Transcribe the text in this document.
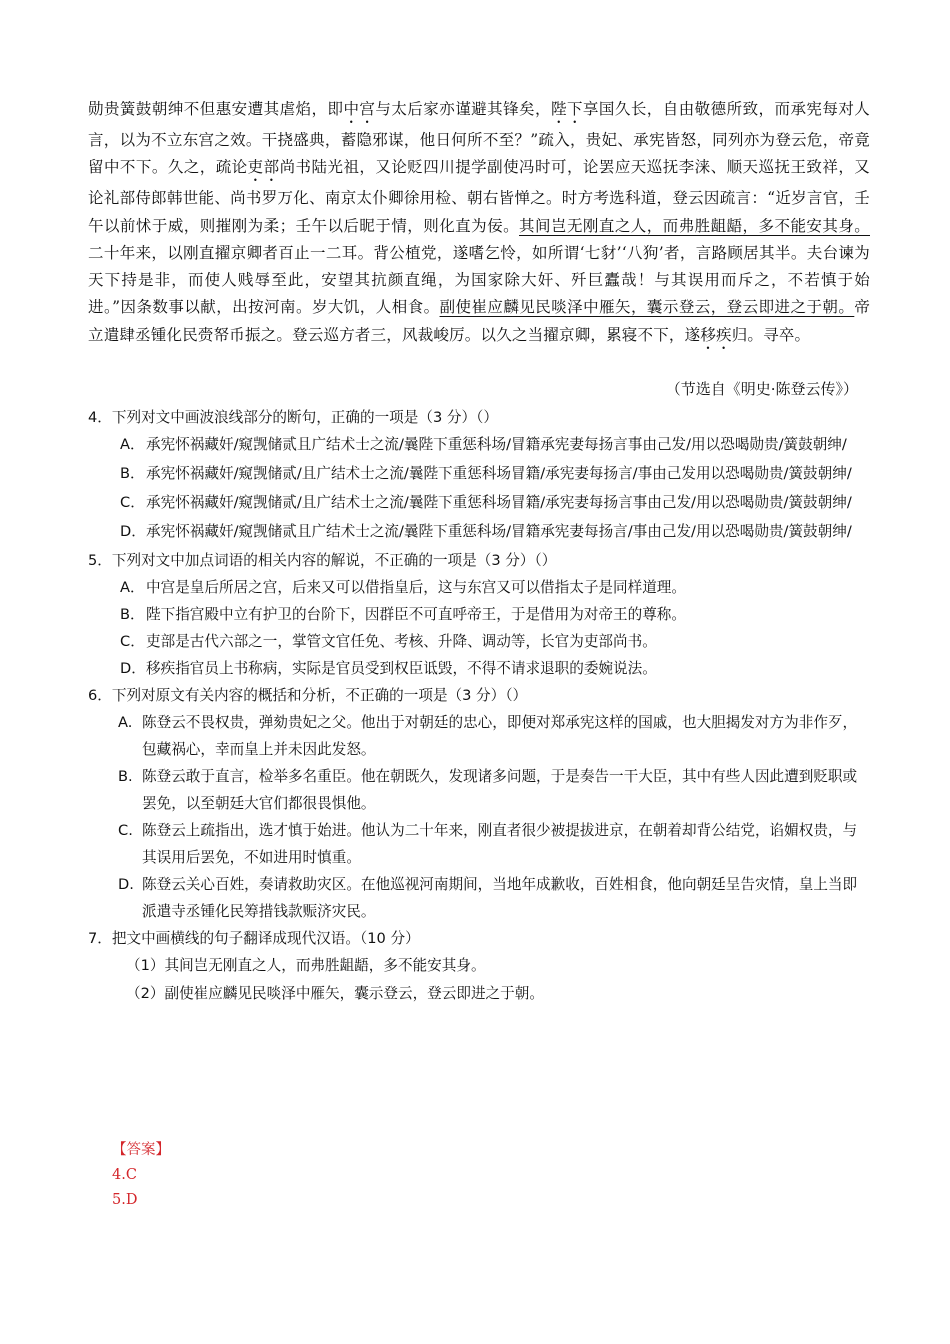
勋贵簧鼓朝绅不但惠安遭其虐焰，即中宫与太后家亦谨避其锋矣，陛下享国久长，自由敬德所致，而承宪每对人言，以为不立东宫之效。干挠盛典，蓄隐邪谋，他日何所不至？”疏入，贵妃、承宪皆怒，同列亦为登云危，帝竟留中不下。久之，疏论吏部尚书陆光祖，又论贬四川提学副使冯时可，论罢应天巡抚李涞、顺天巡抚王致祥，又论礼部侍郎韩世能、尚书罗万化、南京太仆卿徐用检、朝右皆惮之。时方考选科道，登云因疏言：“近岁言官，壬午以前怵于威，则摧刚为柔；壬午以后昵于情，则化直为佞。其间岂无刚直之人，而弗胜龃龉，多不能安其身。二十年来，以刚直擢京卿者百止一二耳。背公植党，遂嗜乞怜，如所谓‘七豺’‘八狗’者，言路顾居其半。夫台谏为天下持是非，而使人贱辱至此，安望其抗颜直绳，为国家除大奸、歼巨蠹哉！与其误用而斥之，不若慎于始进。”因条数事以献，出按河南。岁大饥，人相食。副使崔应麟见民啖泽中雁矢，囊示登云，登云即进之于朝。帝立遣肆丞锺化民赍帑币振之。登云巡方者三，风裁峻厉。以久之当擢京卿，累寝不下，遂移疾归。寻卒。

（节选自《明史·陈登云传》）

4．下列对文中画波浪线部分的断句，正确的一项是（3 分）（）

A． 承宪怀祸藏奸/窥觊储贰且广结术士之流/曩陛下重惩科场/冒籍承宪妻每扬言事由己发/用以恐喝勋贵/簧鼓朝绅/

B． 承宪怀祸藏奸/窥觊储贰/且广结术士之流/曩陛下重惩科场冒籍/承宪妻每扬言/事由己发用以恐喝勋贵/簧鼓朝绅/

C． 承宪怀祸藏奸/窥觊储贰/且广结术士之流/曩陛下重惩科场冒籍/承宪妻每扬言事由己发/用以恐喝勋贵/簧鼓朝绅/

D． 承宪怀祸藏奸/窥觊储贰且广结术士之流/曩陛下重惩科场/冒籍承宪妻每扬言/事由己发/用以恐喝勋贵/簧鼓朝绅/

5．下列对文中加点词语的相关内容的解说，不正确的一项是（3 分）（）

A． 中宫是皇后所居之宫，后来又可以借指皇后，这与东宫又可以借指太子是同样道理。

B． 陛下指宫殿中立有护卫的台阶下，因群臣不可直呼帝王，于是借用为对帝王的尊称。

C． 吏部是古代六部之一，掌管文官任免、考核、升降、调动等，长官为吏部尚书。

D． 移疾指官员上书称病，实际是官员受到权臣诋毁，不得不请求退职的委婉说法。

6．下列对原文有关内容的概括和分析，不正确的一项是（3 分）（）

A. 陈登云不畏权贵，弹劾贵妃之父。他出于对朝廷的忠心，即便对郑承宪这样的国戚，也大胆揭发对方为非作歹，包藏祸心，幸而皇上并未因此发怒。

B. 陈登云敢于直言，检举多名重臣。他在朝既久，发现诸多问题，于是奏告一干大臣，其中有些人因此遭到贬职或罢免，以至朝廷大官们都很畏惧他。

C. 陈登云上疏指出，选才慎于始进。他认为二十年来，刚直者很少被提拔进京，在朝着却背公结党，谄媚权贵，与其误用后罢免，不如进用时慎重。

D. 陈登云关心百姓，奏请救助灾区。在他巡视河南期间，当地年成歉收，百姓相食，他向朝廷呈告灾情，皇上当即派遣寺丞锺化民筹措钱款赈济灾民。

7．把文中画横线的句子翻译成现代汉语。（10 分）

（1）其间岂无刚直之人，而弗胜龃龉，多不能安其身。

（2）副使崔应麟见民啖泽中雁矢，囊示登云，登云即进之于朝。

【答案】
4.C
5.D
